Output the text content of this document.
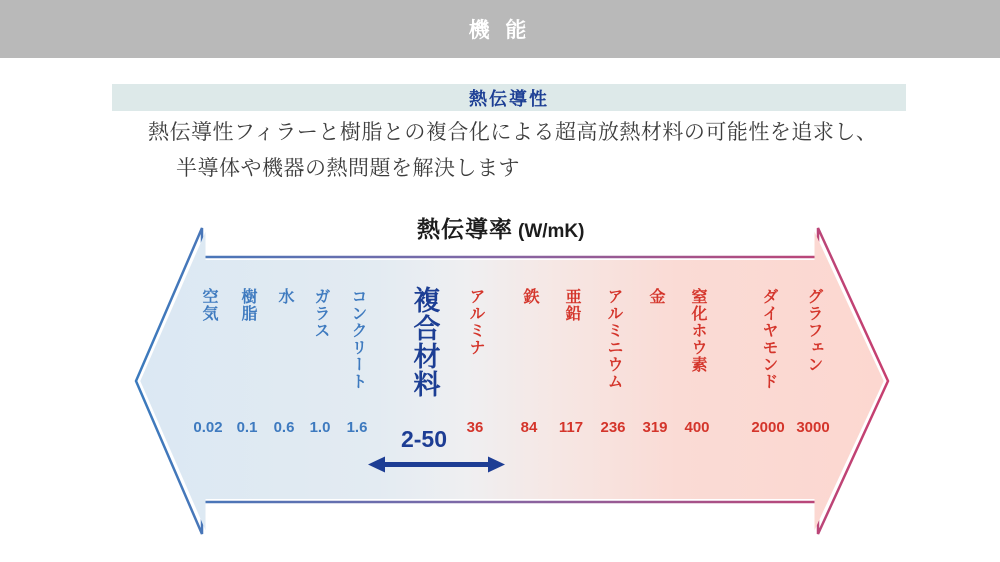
機 能
熱伝導性
熱伝導性フィラーと樹脂との複合化による超高放熱材料の可能性を追求し、
半導体や機器の熱問題を解決します
熱伝導率 (W/mK)
空気
0.02
樹脂
0.1
水
0.6
ガラス
1.0
コンクリート
1.6
複合材料 アルミナ
36
鉄
84
亜鉛
117
アルミニウム
236
金
319
窒化ホウ素
400
ダイヤモンド
2000
グラフェン
3000
2-50
